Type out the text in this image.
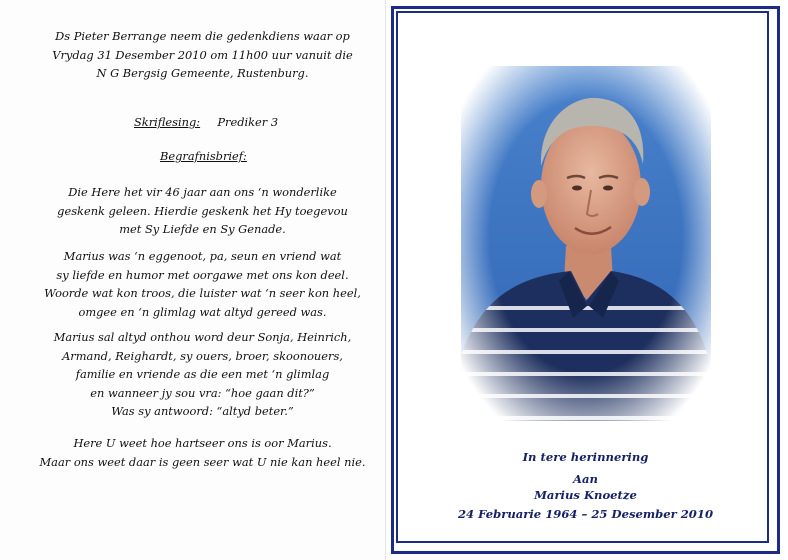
Ds Pieter Berrange neem die gedenkdiens waar op
Vrydag 31 Desember 2010 om 11h00 uur vanuit die
N G Bergsig Gemeente, Rustenburg.
Skriflesing: Prediker 3
Begrafnisbrief:
Die Here het vir 46 jaar aan ons ‘n wonderlike
geskenk geleen. Hierdie geskenk het Hy toegevou
met Sy Liefde en Sy Genade.
Marius was ‘n eggenoot, pa, seun en vriend wat
sy liefde en humor met oorgawe met ons kon deel.
Woorde wat kon troos, die luister wat ‘n seer kon heel,
omgee en ‘n glimlag wat altyd gereed was.
Marius sal altyd onthou word deur Sonja, Heinrich,
Armand, Reighardt, sy ouers, broer, skoonouers,
familie en vriende as die een met ‘n glimlag
en wanneer jy sou vra: “hoe gaan dit?”
Was sy antwoord: “altyd beter.”
Here U weet hoe hartseer ons is oor Marius.
Maar ons weet daar is geen seer wat U nie kan heel nie.	In tere herinnering
Aan
Marius Knoetze
24 Februarie 1964 – 25 Desember 2010
